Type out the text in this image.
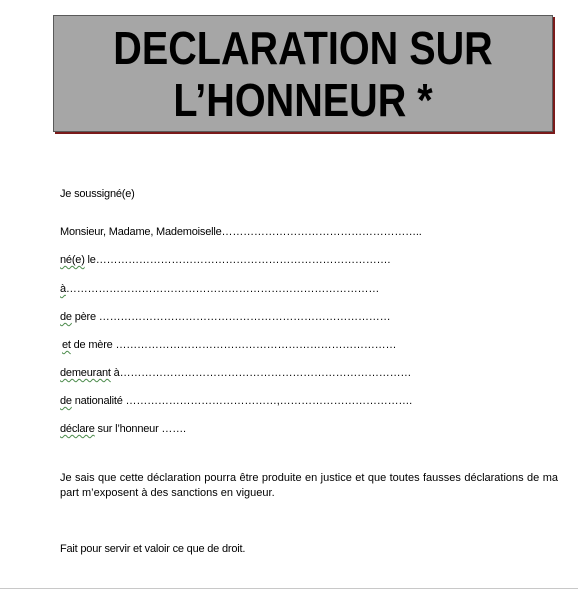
DECLARATION SUR
L’HONNEUR *
Je soussigné(e)
Monsieur, Madame, Mademoiselle………………………………………………..
né(e) le……………………………………………………………………….
à……………………………………………………………………………
de père ………………………………………………………………………
et de mère ……………………………………………………………………
demeurant à………………………………………………………………………
de nationalité ……………………………………,……………………………….
déclare sur l’honneur …….
Je sais que cette déclaration pourra être produite en justice et que toutes fausses déclarations de ma part m’exposent à des sanctions en vigueur.
Fait pour servir et valoir ce que de droit.
